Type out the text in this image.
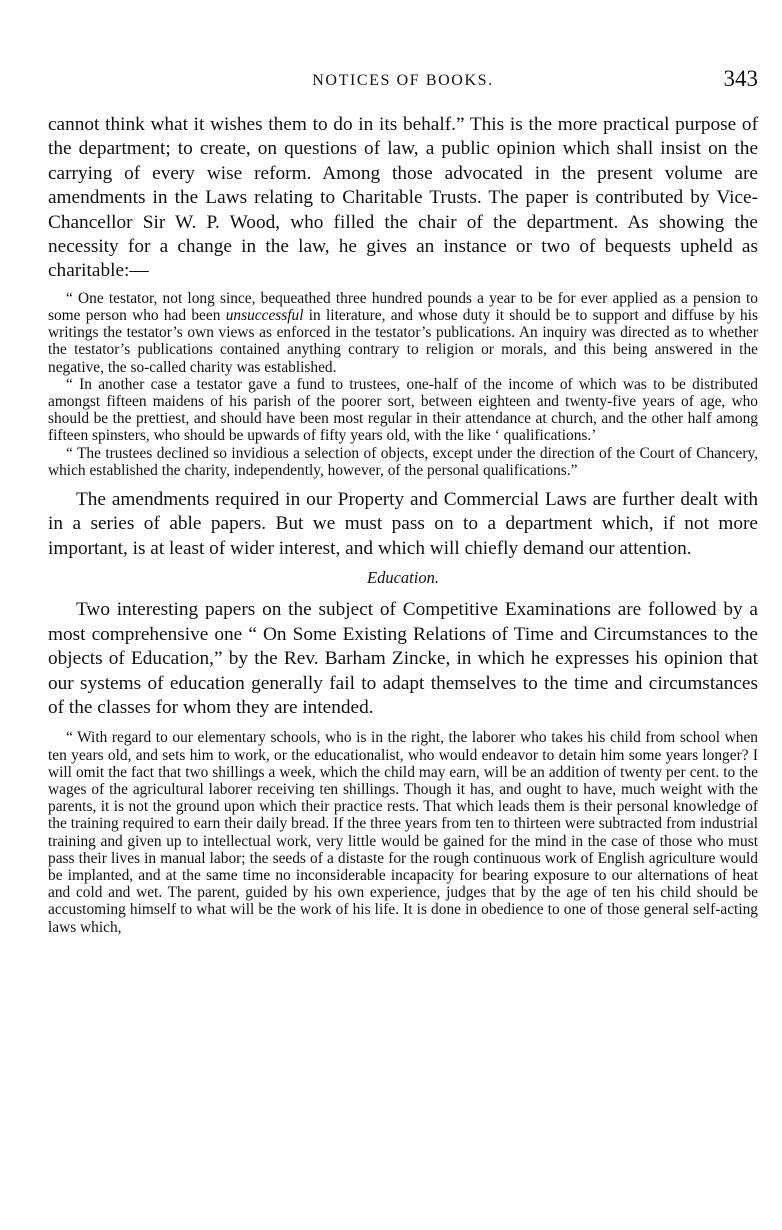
NOTICES OF BOOKS.	343

cannot think what it wishes them to do in its behalf.” This is the more practical purpose of the department; to create, on questions of law, a public opinion which shall insist on the carrying of every wise reform. Among those advocated in the present volume are amendments in the Laws relating to Charitable Trusts. The paper is contributed by Vice-Chancellor Sir W. P. Wood, who filled the chair of the department. As showing the necessity for a change in the law, he gives an instance or two of bequests upheld as charitable:—

“ One testator, not long since, bequeathed three hundred pounds a year to be for ever applied as a pension to some person who had been unsuccessful in literature, and whose duty it should be to support and diffuse by his writings the testator’s own views as enforced in the testator’s publications. An inquiry was directed as to whether the testator’s publications contained anything contrary to religion or morals, and this being answered in the negative, the so-called charity was established.

“ In another case a testator gave a fund to trustees, one-half of the income of which was to be distributed amongst fifteen maidens of his parish of the poorer sort, between eighteen and twenty-five years of age, who should be the prettiest, and should have been most regular in their attendance at church, and the other half among fifteen spinsters, who should be upwards of fifty years old, with the like ‘ qualifications.’

“ The trustees declined so invidious a selection of objects, except under the direction of the Court of Chancery, which established the charity, independently, however, of the personal qualifications.”

The amendments required in our Property and Commercial Laws are further dealt with in a series of able papers. But we must pass on to a department which, if not more important, is at least of wider interest, and which will chiefly demand our attention.

Education.

Two interesting papers on the subject of Competitive Examinations are followed by a most comprehensive one “ On Some Existing Relations of Time and Circumstances to the objects of Education,” by the Rev. Barham Zincke, in which he expresses his opinion that our systems of education generally fail to adapt themselves to the time and circumstances of the classes for whom they are intended.

“ With regard to our elementary schools, who is in the right, the laborer who takes his child from school when ten years old, and sets him to work, or the educationalist, who would endeavor to detain him some years longer? I will omit the fact that two shillings a week, which the child may earn, will be an addition of twenty per cent. to the wages of the agricultural laborer receiving ten shillings. Though it has, and ought to have, much weight with the parents, it is not the ground upon which their practice rests. That which leads them is their personal knowledge of the training required to earn their daily bread. If the three years from ten to thirteen were subtracted from industrial training and given up to intellectual work, very little would be gained for the mind in the case of those who must pass their lives in manual labor; the seeds of a distaste for the rough continuous work of English agriculture would be implanted, and at the same time no inconsiderable incapacity for bearing exposure to our alternations of heat and cold and wet. The parent, guided by his own experience, judges that by the age of ten his child should be accustoming himself to what will be the work of his life. It is done in obedience to one of those general self-acting laws which,
